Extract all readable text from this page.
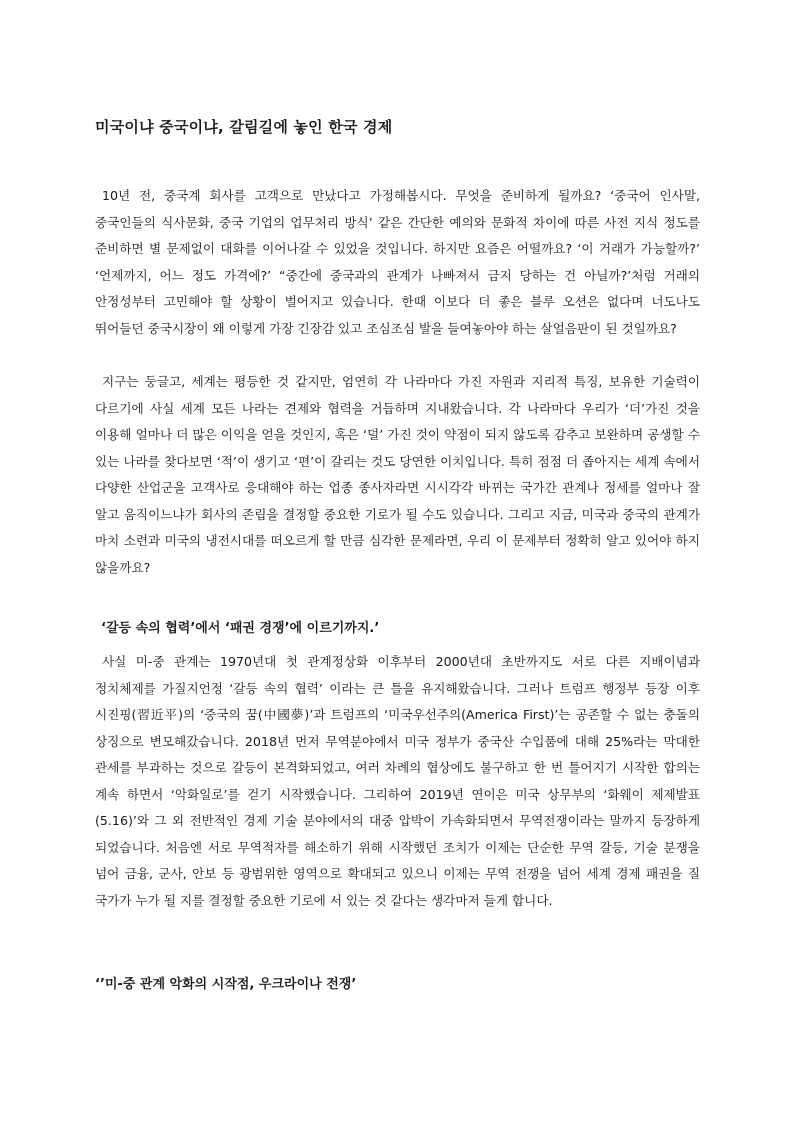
미국이냐 중국이냐, 갈림길에 놓인 한국 경제

10년 전, 중국계 회사를 고객으로 만났다고 가정해봅시다. 무엇을 준비하게 될까요? ‘중국어 인사말, 중국인들의 식사문화, 중국 기업의 업무처리 방식’ 같은 간단한 예의와 문화적 차이에 따른 사전 지식 정도를 준비하면 별 문제없이 대화를 이어나갈 수 있었을 것입니다. 하지만 요즘은 어떨까요? ‘이 거래가 가능할까?’ ‘언제까지, 어느 정도 가격에?’ “중간에 중국과의 관계가 나빠져서 금지 당하는 건 아닐까?’처럼 거래의 안정성부터 고민해야 할 상황이 벌어지고 있습니다. 한때 이보다 더 좋은 블루 오션은 없다며 너도나도 뛰어들던 중국시장이 왜 이렇게 가장 긴장감 있고 조심조심 발을 들여놓아야 하는 살얼음판이 된 것일까요?

지구는 둥글고, 세계는 평등한 것 같지만, 엄연히 각 나라마다 가진 자원과 지리적 특징, 보유한 기술력이 다르기에 사실 세계 모든 나라는 견제와 협력을 거듭하며 지내왔습니다. 각 나라마다 우리가 ‘더’가진 것을 이용해 얼마나 더 많은 이익을 얻을 것인지, 혹은 ‘덜’ 가진 것이 약점이 되지 않도록 감추고 보완하며 공생할 수 있는 나라를 찾다보면 ‘적’이 생기고 ‘편’이 갈리는 것도 당연한 이치입니다. 특히 점점 더 좁아지는 세계 속에서 다양한 산업군을 고객사로 응대해야 하는 업종 종사자라면 시시각각 바뀌는 국가간 관계나 정세를 얼마나 잘 알고 움직이느냐가 회사의 존립을 결정할 중요한 기로가 될 수도 있습니다. 그리고 지금, 미국과 중국의 관계가 마치 소련과 미국의 냉전시대를 떠오르게 할 만큼 심각한 문제라면, 우리 이 문제부터 정확히 알고 있어야 하지 않을까요?

‘갈등 속의 협력’에서 ‘패권 경쟁’에 이르기까지.’

사실 미-중 관계는 1970년대 첫 관계정상화 이후부터 2000년대 초반까지도 서로 다른 지배이념과 정치체제를 가질지언정 ‘갈등 속의 협력’ 이라는 큰 틀을 유지해왔습니다. 그러나 트럼프 행정부 등장 이후 시진핑(習近平)의 ‘중국의 꿈(中國夢)’과 트럼프의 ‘미국우선주의(America First)’는 공존할 수 없는 충돌의 상징으로 변모해갔습니다. 2018년 먼저 무역분야에서 미국 정부가 중국산 수입품에 대해 25%라는 막대한 관세를 부과하는 것으로 갈등이 본격화되었고, 여러 차례의 협상에도 불구하고 한 번 틀어지기 시작한 합의는 계속 하면서 ‘악화일로’를 걷기 시작했습니다. 그리하여 2019년 연이은 미국 상무부의 ‘화웨이 제제발표(5.16)’와 그 외 전반적인 경제 기술 분야에서의 대중 압박이 가속화되면서 무역전쟁이라는 말까지 등장하게 되었습니다. 처음엔 서로 무역적자를 해소하기 위해 시작했던 조치가 이제는 단순한 무역 갈등, 기술 분쟁을 넘어 금융, 군사, 안보 등 광범위한 영역으로 확대되고 있으니 이제는 무역 전쟁을 넘어 세계 경제 패권을 질 국가가 누가 될 지를 결정할 중요한 기로에 서 있는 것 같다는 생각마저 들게 합니다.

‘’미-중 관계 악화의 시작점, 우크라이나 전쟁’
